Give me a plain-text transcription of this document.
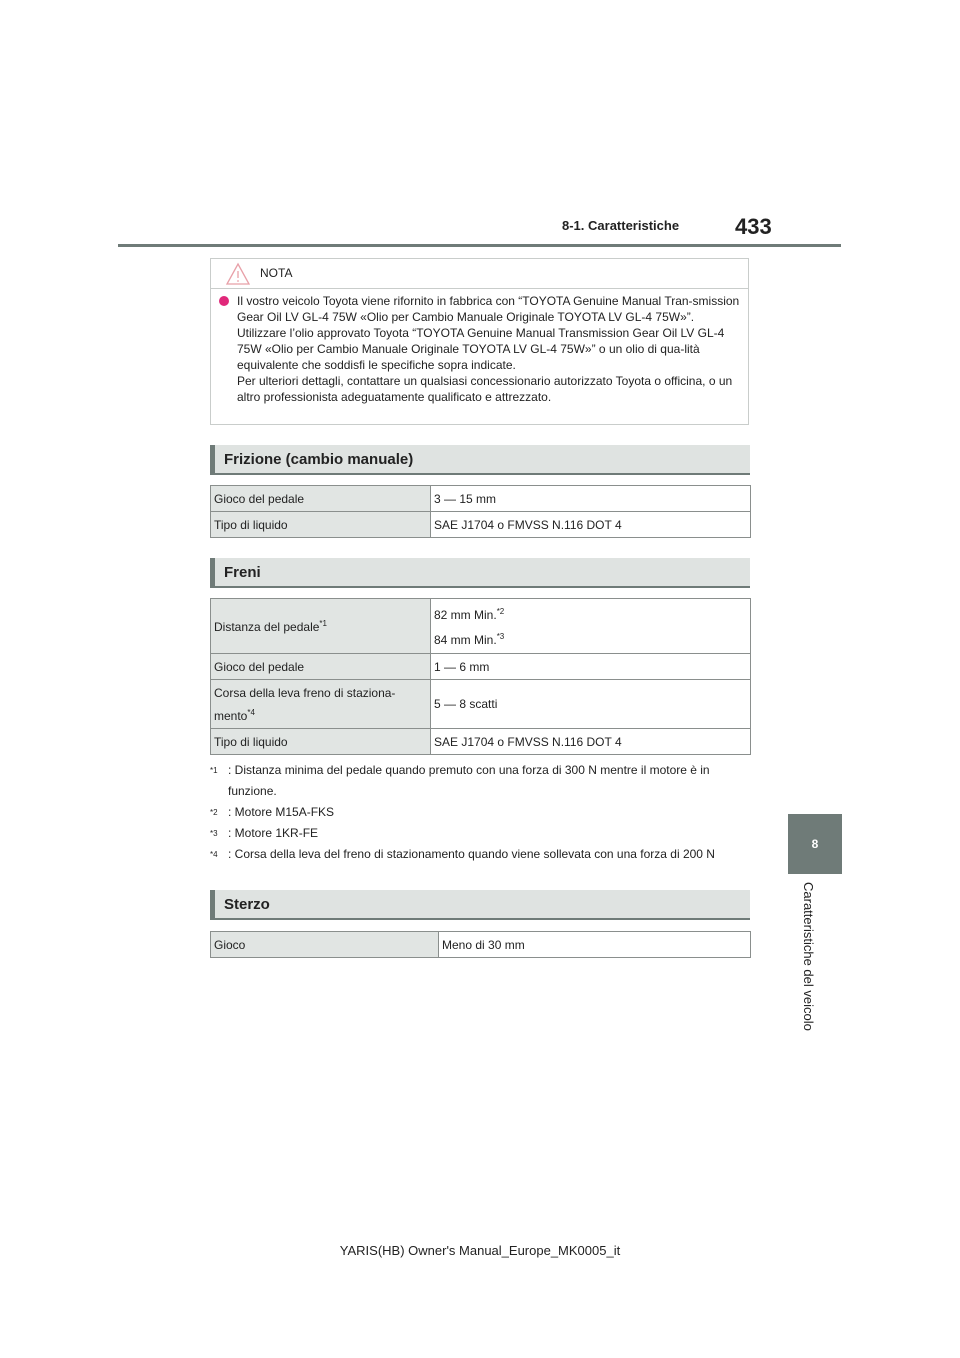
8-1. Caratteristiche	433
8
Caratteristiche del veicolo
NOTA

Il vostro veicolo Toyota viene rifornito in fabbrica con “TOYOTA Genuine Manual Tran-smission Gear Oil LV GL-4 75W «Olio per Cambio Manuale Originale TOYOTA LV GL-4 75W»”.

Utilizzare l’olio approvato Toyota “TOYOTA Genuine Manual Transmission Gear Oil LV GL-4 75W «Olio per Cambio Manuale Originale TOYOTA LV GL-4 75W»” o un olio di qua-lità equivalente che soddisfi le specifiche sopra indicate.

Per ulteriori dettagli, contattare un qualsiasi concessionario autorizzato Toyota o officina, o un altro professionista adeguatamente qualificato e attrezzato.

Frizione (cambio manuale)
Gioco del pedale	3 — 15 mm
Tipo di liquido	SAE J1704 o FMVSS N.116 DOT 4
Freni
Distanza del pedale$^{*1}$	82 mm Min.$^{*2}$
84 mm Min.$^{*3}$

Gioco del pedale	1 — 6 mm

Corsa della leva freno di staziona-
mento$^{*4}$	5 — 8 scatti
Tipo di liquido	SAE J1704 o FMVSS N.116 DOT 4

$^{*1}$ : Distanza minima del pedale quando premuto con una forza di 300 N mentre il motore è in
funzione.

$^{*2}$ : Motore M15A-FKS

$^{*3}$ : Motore 1KR-FE

$^{*4}$ : Corsa della leva del freno di stazionamento quando viene sollevata con una forza di 200 N

Sterzo
Gioco	Meno di 30 mm
YARIS(HB) Owner's Manual_Europe_MK0005_it
